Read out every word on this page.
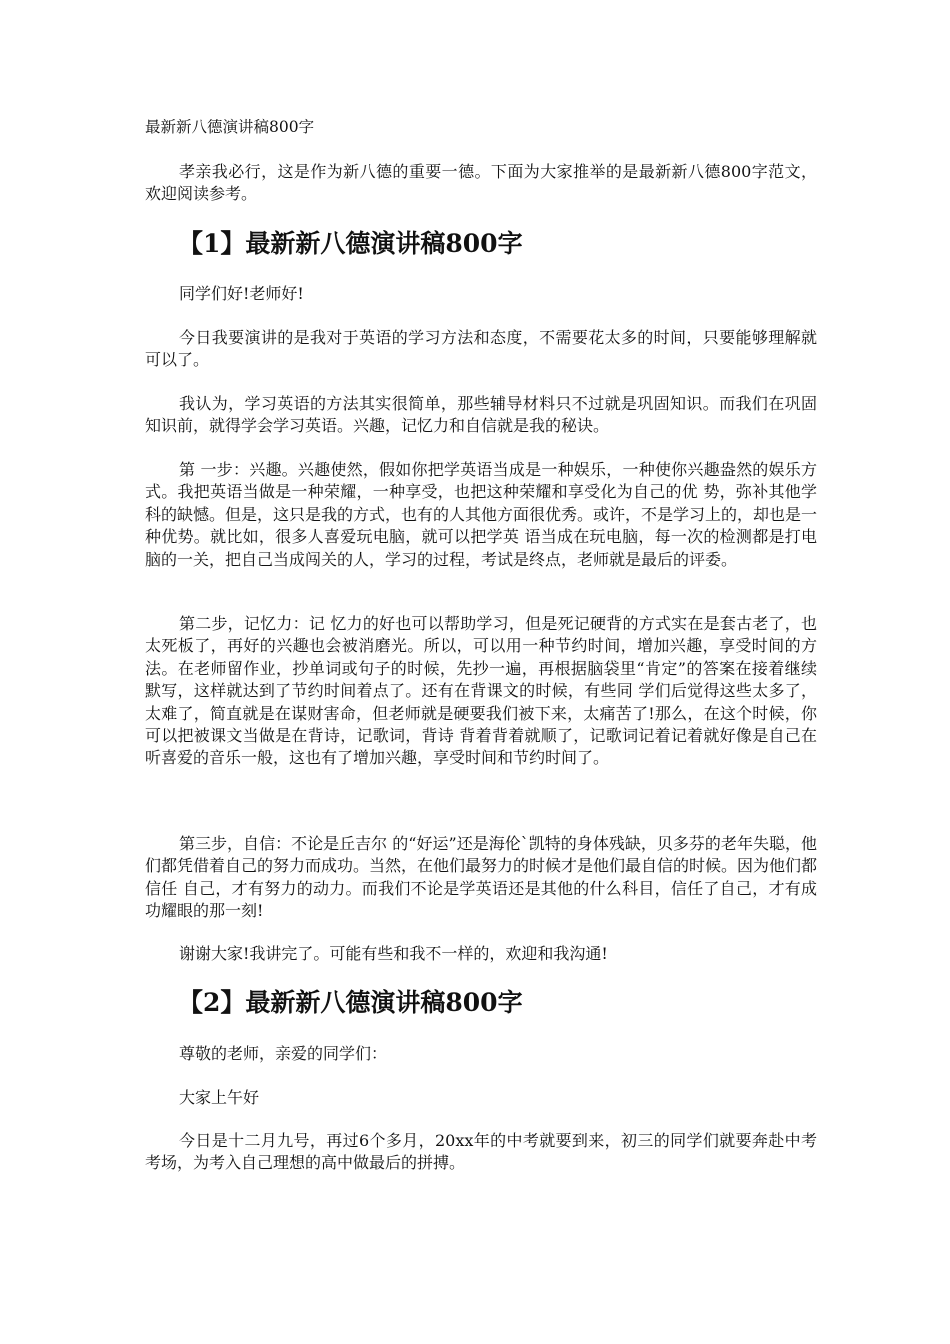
最新新八德演讲稿800字

孝亲我必行，这是作为新八德的重要一德。下面为大家推举的是最新新八德800字范文，欢迎阅读参考。

【1】最新新八德演讲稿800字

同学们好!老师好!

今日我要演讲的是我对于英语的学习方法和态度，不需要花太多的时间，只要能够理解就可以了。

我认为，学习英语的方法其实很简单，那些辅导材料只不过就是巩固知识。而我们在巩固知识前，就得学会学习英语。兴趣，记忆力和自信就是我的秘诀。

第 一步：兴趣。兴趣使然，假如你把学英语当成是一种娱乐，一种使你兴趣盎然的娱乐方式。我把英语当做是一种荣耀，一种享受，也把这种荣耀和享受化为自己的优 势，弥补其他学科的缺憾。但是，这只是我的方式，也有的人其他方面很优秀。或许，不是学习上的，却也是一种优势。就比如，很多人喜爱玩电脑，就可以把学英 语当成在玩电脑，每一次的检测都是打电脑的一关，把自己当成闯关的人，学习的过程，考试是终点，老师就是最后的评委。

第二步，记忆力：记 忆力的好也可以帮助学习，但是死记硬背的方式实在是套古老了，也太死板了，再好的兴趣也会被消磨光。所以，可以用一种节约时间，增加兴趣，享受时间的方 法。在老师留作业，抄单词或句子的时候，先抄一遍，再根据脑袋里“肯定”的答案在接着继续默写，这样就达到了节约时间着点了。还有在背课文的时候，有些同 学们后觉得这些太多了，太难了，简直就是在谋财害命，但老师就是硬要我们被下来，太痛苦了!那么，在这个时候，你可以把被课文当做是在背诗，记歌词，背诗 背着背着就顺了，记歌词记着记着就好像是自己在听喜爱的音乐一般，这也有了增加兴趣，享受时间和节约时间了。

第三步，自信：不论是丘吉尔 的“好运”还是海伦`凯特的身体残缺，贝多芬的老年失聪，他们都凭借着自己的努力而成功。当然，在他们最努力的时候才是他们最自信的时候。因为他们都信任 自己，才有努力的动力。而我们不论是学英语还是其他的什么科目，信任了自己，才有成功耀眼的那一刻!

谢谢大家!我讲完了。可能有些和我不一样的，欢迎和我沟通!

【2】最新新八德演讲稿800字

尊敬的老师，亲爱的同学们：

大家上午好

今日是十二月九号，再过6个多月，20xx年的中考就要到来，初三的同学们就要奔赴中考考场，为考入自己理想的高中做最后的拼搏。
